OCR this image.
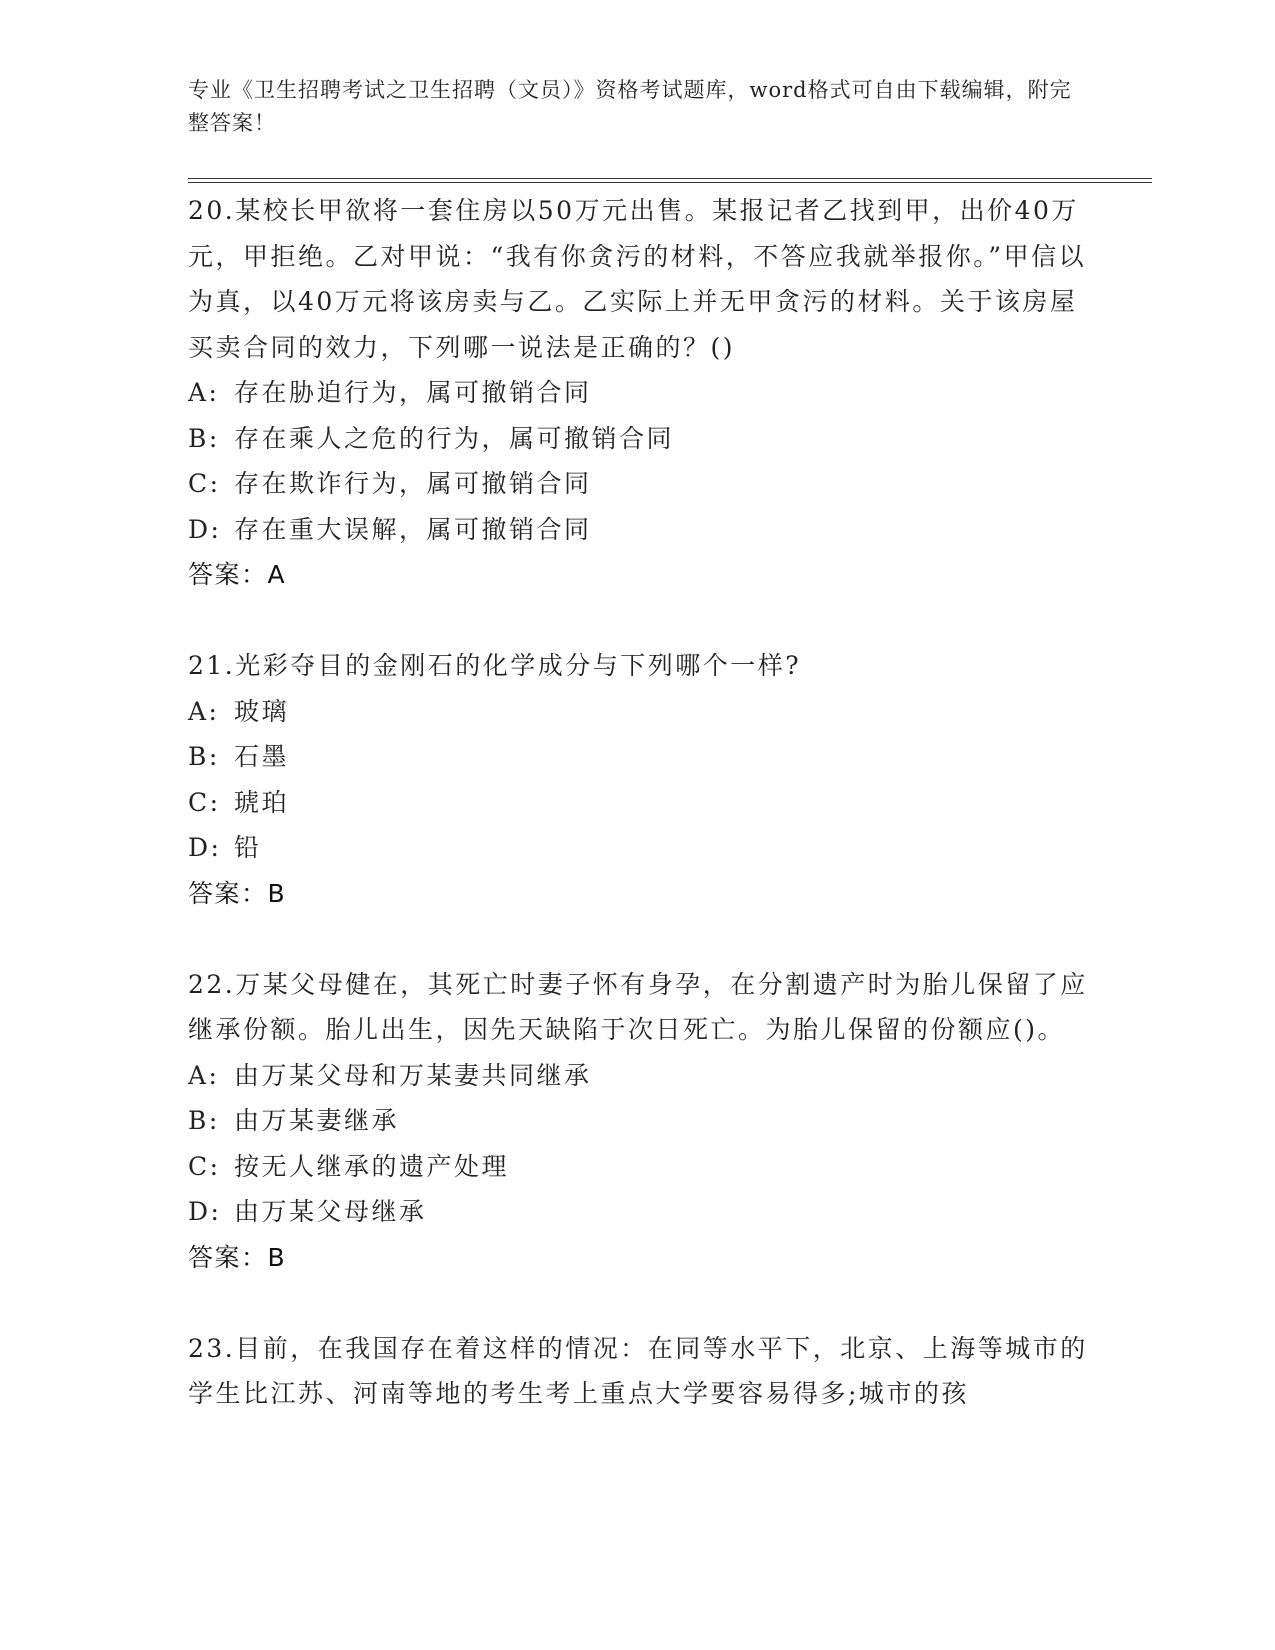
专业《卫生招聘考试之卫生招聘（文员）》资格考试题库，word格式可自由下载编辑，附完整答案！
20.某校长甲欲将一套住房以50万元出售。某报记者乙找到甲，出价40万元，甲拒绝。乙对甲说：“我有你贪污的材料，不答应我就举报你。”甲信以为真，以40万元将该房卖与乙。乙实际上并无甲贪污的材料。关于该房屋买卖合同的效力，下列哪一说法是正确的？()
A: 存在胁迫行为，属可撤销合同
B: 存在乘人之危的行为，属可撤销合同
C: 存在欺诈行为，属可撤销合同
D: 存在重大误解，属可撤销合同
答案：A
21.光彩夺目的金刚石的化学成分与下列哪个一样?
A: 玻璃
B: 石墨
C: 琥珀
D: 铅
答案：B
22.万某父母健在，其死亡时妻子怀有身孕，在分割遗产时为胎儿保留了应继承份额。胎儿出生，因先天缺陷于次日死亡。为胎儿保留的份额应()。
A: 由万某父母和万某妻共同继承
B: 由万某妻继承
C: 按无人继承的遗产处理
D: 由万某父母继承
答案：B
23.目前，在我国存在着这样的情况：在同等水平下，北京、上海等城市的学生比江苏、河南等地的考生考上重点大学要容易得多;城市的孩
